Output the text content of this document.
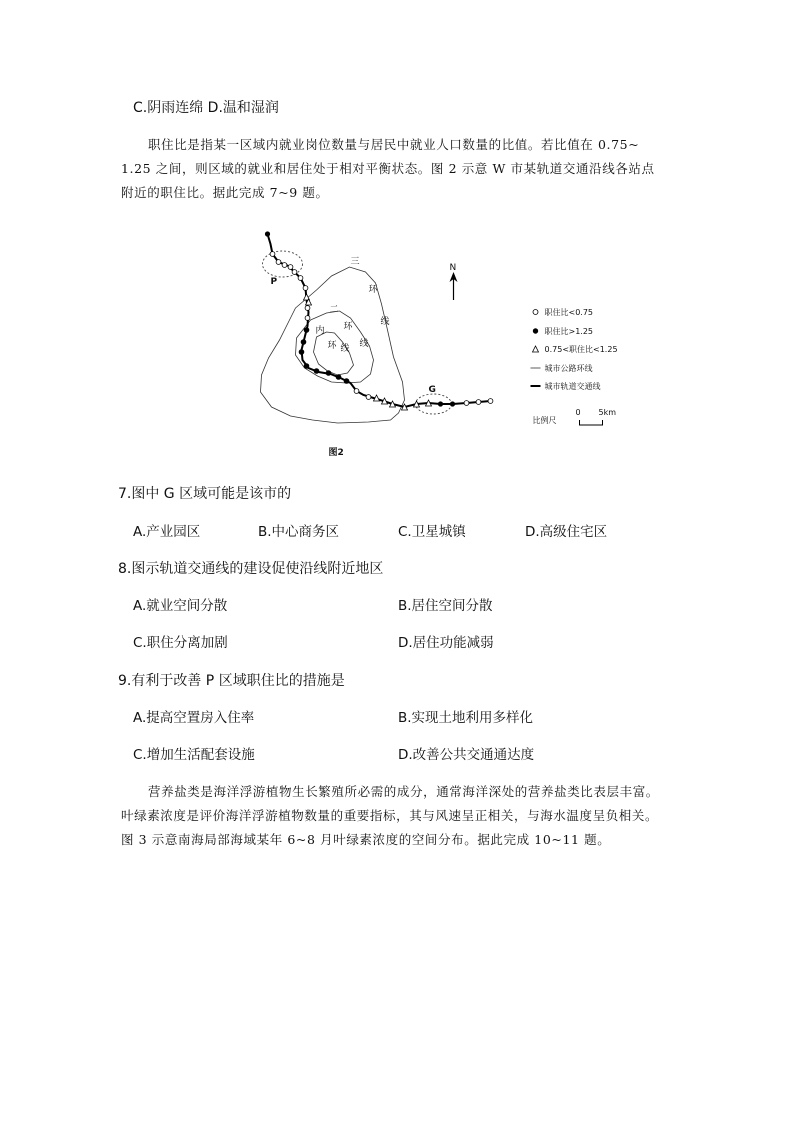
C.阴雨连绵 D.温和湿润
职住比是指某一区域内就业岗位数量与居民中就业人口数量的比值。若比值在 0.75~
1.25 之间，则区域的就业和居住处于相对平衡状态。图 2 示意 W 市某轨道交通沿线各站点
附近的职住比。据此完成 7~9 题。
P
G
三
环
线
二
环
线
内
环 线
N
职住比<0.75
职住比>1.25
0.75<职住比<1.25
城市公路环线
城市轨道交通线
比例尺
0 5km
图2
7.图中 G 区域可能是该市的
A.产业园区	B.中心商务区	C.卫星城镇	D.高级住宅区
8.图示轨道交通线的建设促使沿线附近地区
A.就业空间分散	B.居住空间分散
C.职住分离加剧	D.居住功能减弱
9.有利于改善 P 区域职住比的措施是
A.提高空置房入住率	B.实现土地利用多样化
C.增加生活配套设施	D.改善公共交通通达度
营养盐类是海洋浮游植物生长繁殖所必需的成分，通常海洋深处的营养盐类比表层丰富。
叶绿素浓度是评价海洋浮游植物数量的重要指标，其与风速呈正相关，与海水温度呈负相关。
图 3 示意南海局部海域某年 6~8 月叶绿素浓度的空间分布。据此完成 10~11 题。
